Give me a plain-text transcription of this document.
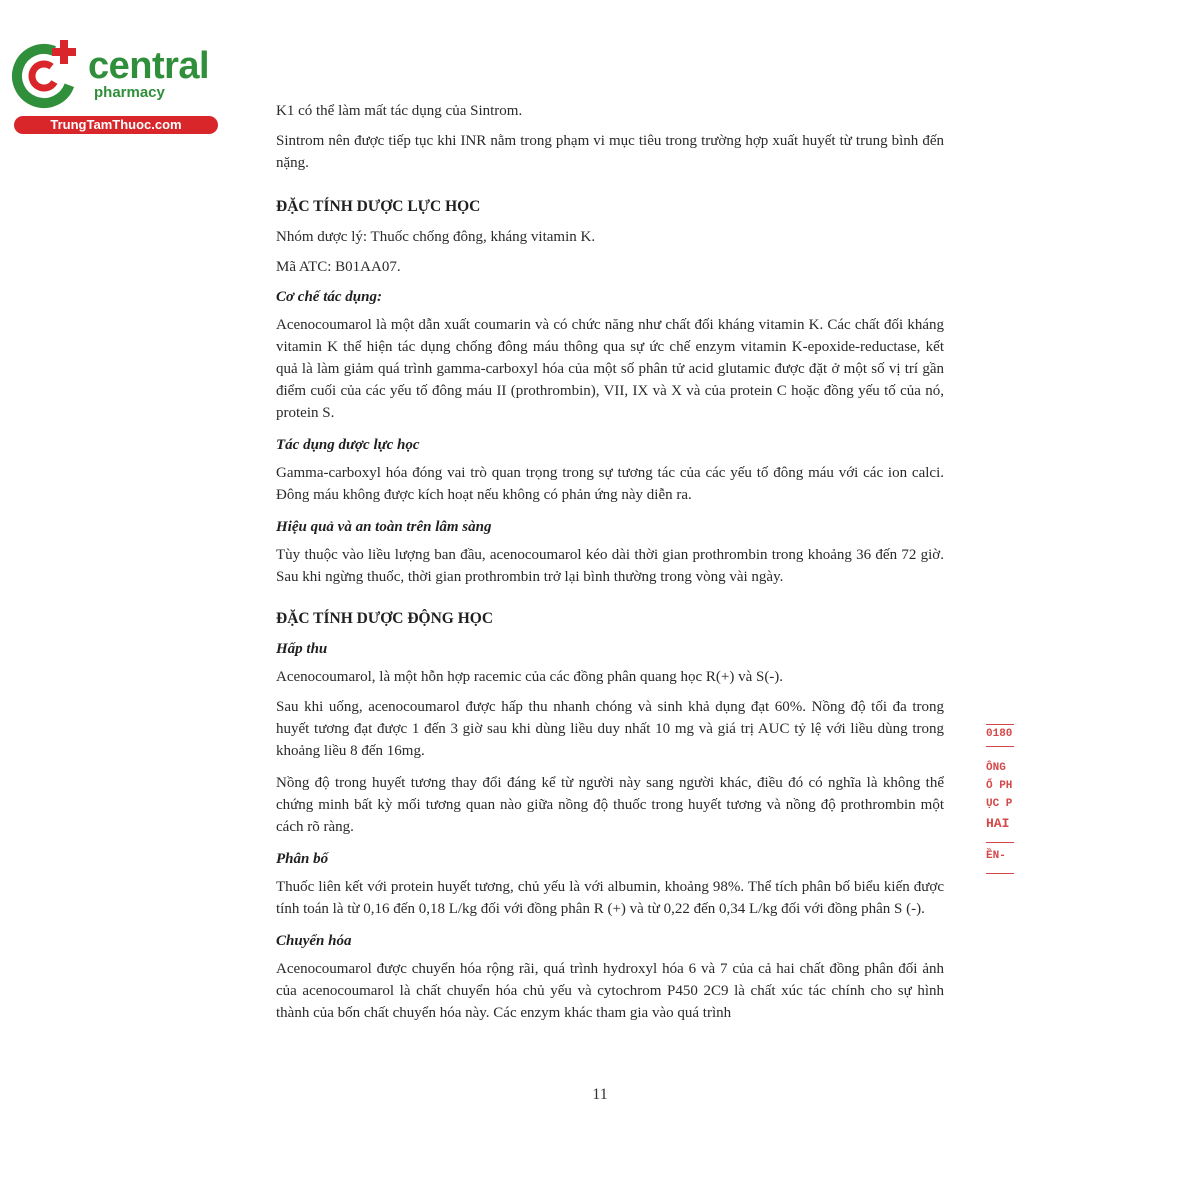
central
pharmacy
TrungTamThuoc.com

K1 có thể làm mất tác dụng của Sintrom.

Sintrom nên được tiếp tục khi INR nằm trong phạm vi mục tiêu trong trường hợp xuất huyết từ trung bình đến nặng.

ĐẶC TÍNH DƯỢC LỰC HỌC

Nhóm dược lý: Thuốc chống đông, kháng vitamin K.

Mã ATC: B01AA07.

Cơ chế tác dụng:

Acenocoumarol là một dẫn xuất coumarin và có chức năng như chất đối kháng vitamin K. Các chất đối kháng vitamin K thể hiện tác dụng chống đông máu thông qua sự ức chế enzym vitamin K-epoxide-reductase, kết quả là làm giảm quá trình gamma-carboxyl hóa của một số phân tử acid glutamic được đặt ở một số vị trí gần điểm cuối của các yếu tố đông máu II (prothrombin), VII, IX và X và của protein C hoặc đồng yếu tố của nó, protein S.

Tác dụng dược lực học

Gamma-carboxyl hóa đóng vai trò quan trọng trong sự tương tác của các yếu tố đông máu với các ion calci. Đông máu không được kích hoạt nếu không có phản ứng này diễn ra.

Hiệu quả và an toàn trên lâm sàng

Tùy thuộc vào liều lượng ban đầu, acenocoumarol kéo dài thời gian prothrombin trong khoảng 36 đến 72 giờ. Sau khi ngừng thuốc, thời gian prothrombin trở lại bình thường trong vòng vài ngày.

ĐẶC TÍNH DƯỢC ĐỘNG HỌC
Hấp thu

Acenocoumarol, là một hỗn hợp racemic của các đồng phân quang học R(+) và S(-).

Sau khi uống, acenocoumarol được hấp thu nhanh chóng và sinh khả dụng đạt 60%. Nồng độ tối đa trong huyết tương đạt được 1 đến 3 giờ sau khi dùng liều duy nhất 10 mg và giá trị AUC tỷ lệ với liều dùng trong khoảng liều 8 đến 16mg.

Nồng độ trong huyết tương thay đổi đáng kể từ người này sang người khác, điều đó có nghĩa là không thể chứng minh bất kỳ mối tương quan nào giữa nồng độ thuốc trong huyết tương và nồng độ prothrombin một cách rõ ràng.

Phân bố

Thuốc liên kết với protein huyết tương, chủ yếu là với albumin, khoảng 98%. Thể tích phân bố biểu kiến được tính toán là từ 0,16 đến 0,18 L/kg đối với đồng phân R (+) và từ 0,22 đến 0,34 L/kg đối với đồng phân S (-).

Chuyển hóa

Acenocoumarol được chuyển hóa rộng rãi, quá trình hydroxyl hóa 6 và 7 của cả hai chất đồng phân đối ảnh của acenocoumarol là chất chuyển hóa chủ yếu và cytochrom P450 2C9 là chất xúc tác chính cho sự hình thành của bốn chất chuyển hóa này. Các enzym khác tham gia vào quá trình

11
0180
ÔNG
Ổ PH
ỤC P
HAI
ỀN-
